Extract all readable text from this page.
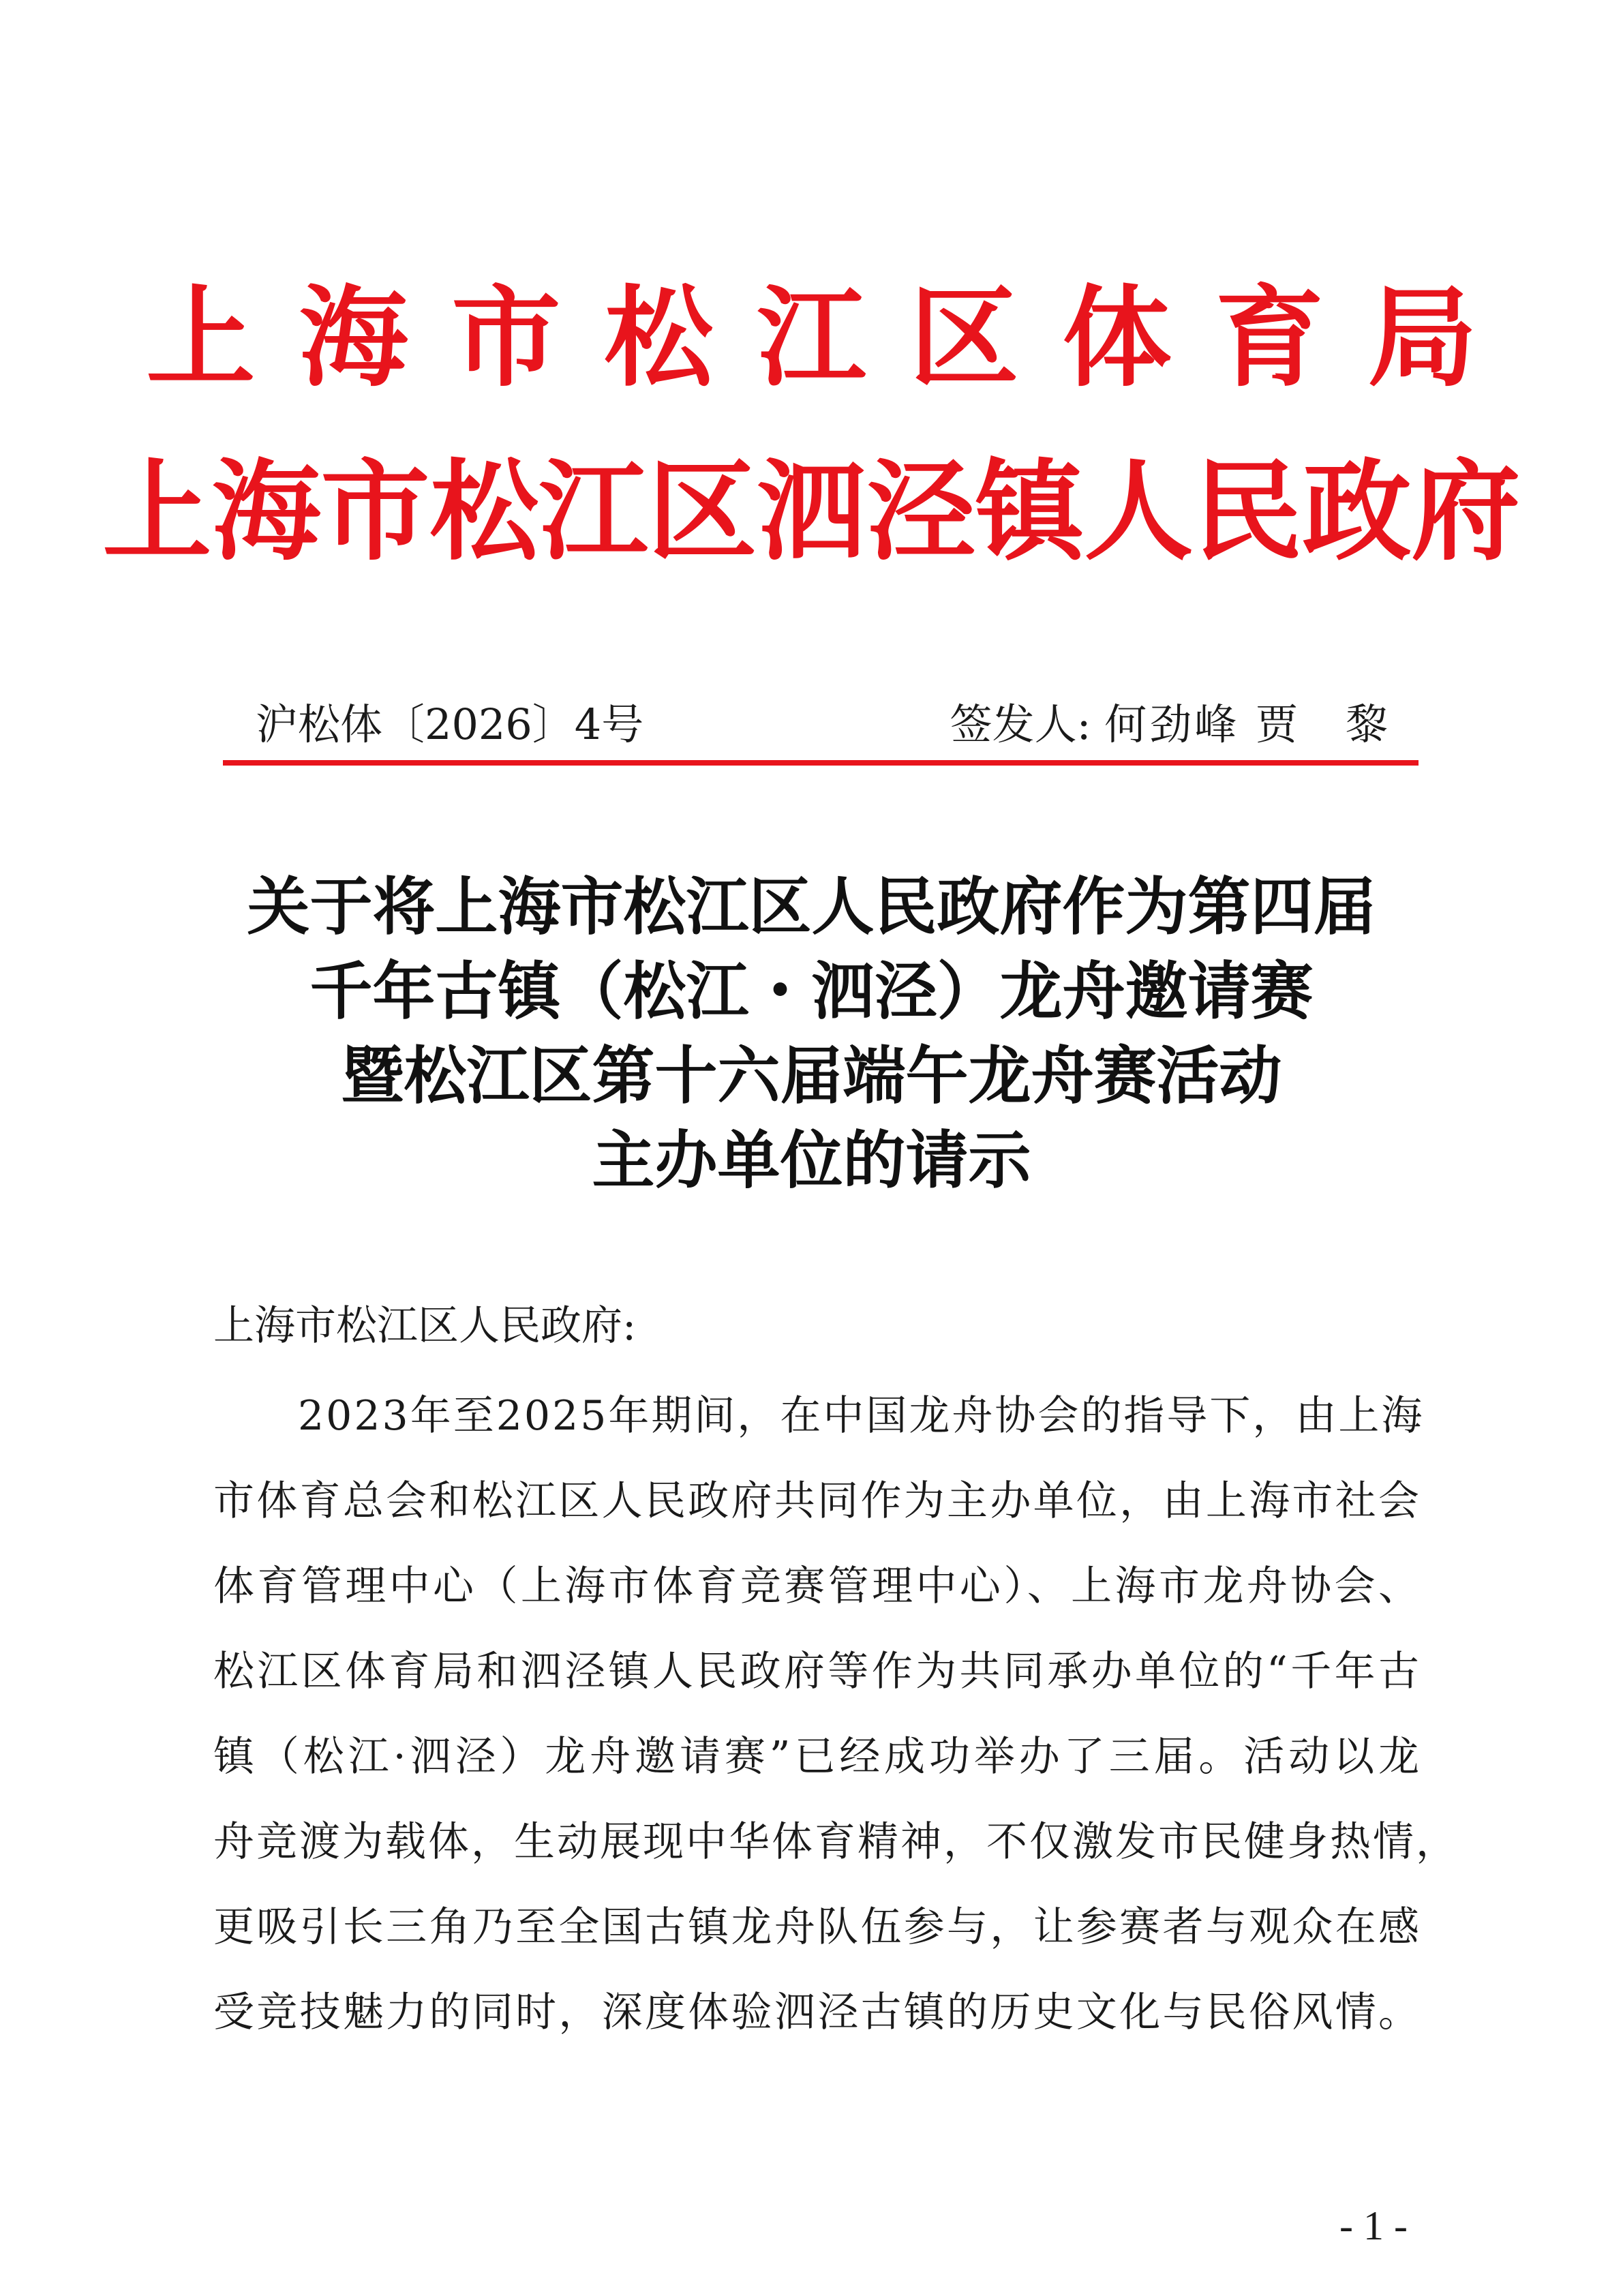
上海市松江区体育局
上海市松江区泗泾镇人民政府
沪松体〔2026〕4号	签发人: 何劲峰 贾　黎
关于将上海市松江区人民政府作为第四届
千年古镇（松江・泗泾）龙舟邀请赛
暨松江区第十六届端午龙舟赛活动
主办单位的请示
上海市松江区人民政府:
2023年至2025年期间，在中国龙舟协会的指导下，由上海
市体育总会和松江区人民政府共同作为主办单位，由上海市社会
体育管理中心（上海市体育竞赛管理中心）、上海市龙舟协会、
松江区体育局和泗泾镇人民政府等作为共同承办单位的“千年古
镇（松江·泗泾）龙舟邀请赛”已经成功举办了三届。活动以龙
舟竞渡为载体，生动展现中华体育精神，不仅激发市民健身热情，
更吸引长三角乃至全国古镇龙舟队伍参与，让参赛者与观众在感
受竞技魅力的同时，深度体验泗泾古镇的历史文化与民俗风情。
- 1 -
